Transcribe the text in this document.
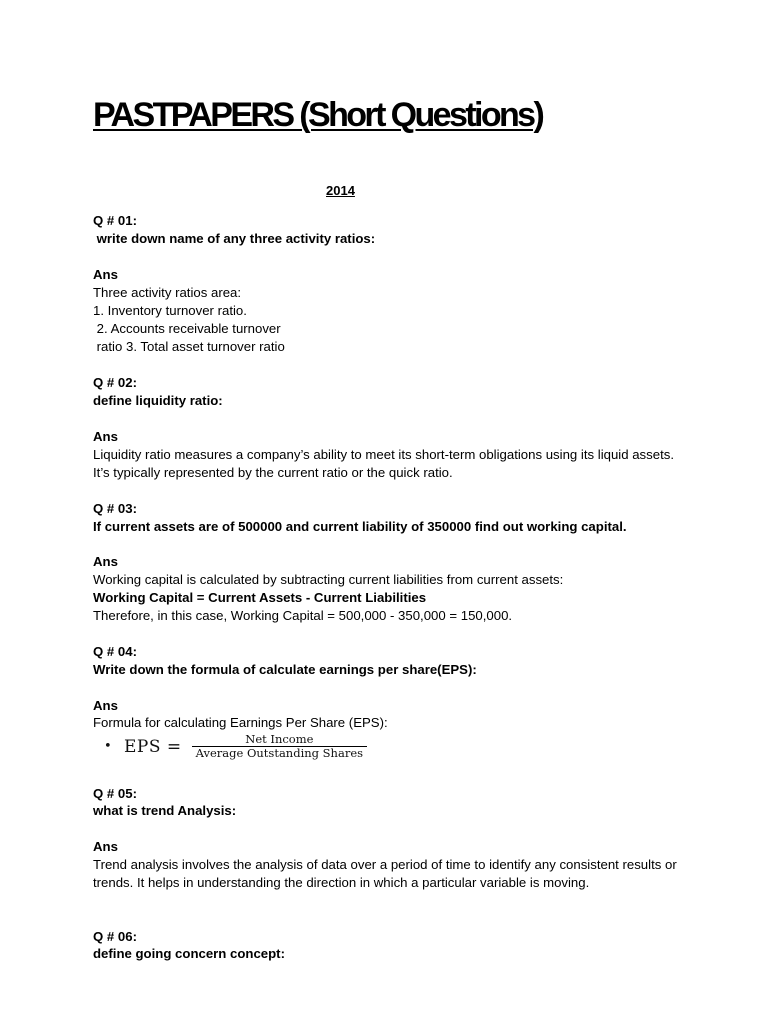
PASTPAPERS (Short Questions)
2014

Q # 01:

write down name of any three activity ratios:

Ans

Three activity ratios area:

1. Inventory turnover ratio.

2. Accounts receivable turnover

ratio 3. Total asset turnover ratio

Q # 02:

define liquidity ratio:

Ans

Liquidity ratio measures a company’s ability to meet its short-term obligations using its liquid assets. It’s typically represented by the current ratio or the quick ratio.

Q # 03:

If current assets are of 500000 and current liability of 350000 find out working capital.

Ans

Working capital is calculated by subtracting current liabilities from current assets:

Working Capital = Current Assets - Current Liabilities

Therefore, in this case, Working Capital = 500,000 - 350,000 = 150,000.

Q # 04:

Write down the formula of calculate earnings per share(EPS):

Ans

Formula for calculating Earnings Per Share (EPS):

• EPS = $\frac{\text{Net Income}}{\text{Average Outstanding Shares}}$

Q # 05:

what is trend Analysis:

Ans

Trend analysis involves the analysis of data over a period of time to identify any consistent results or trends. It helps in understanding the direction in which a particular variable is moving.

Q # 06:

define going concern concept:
